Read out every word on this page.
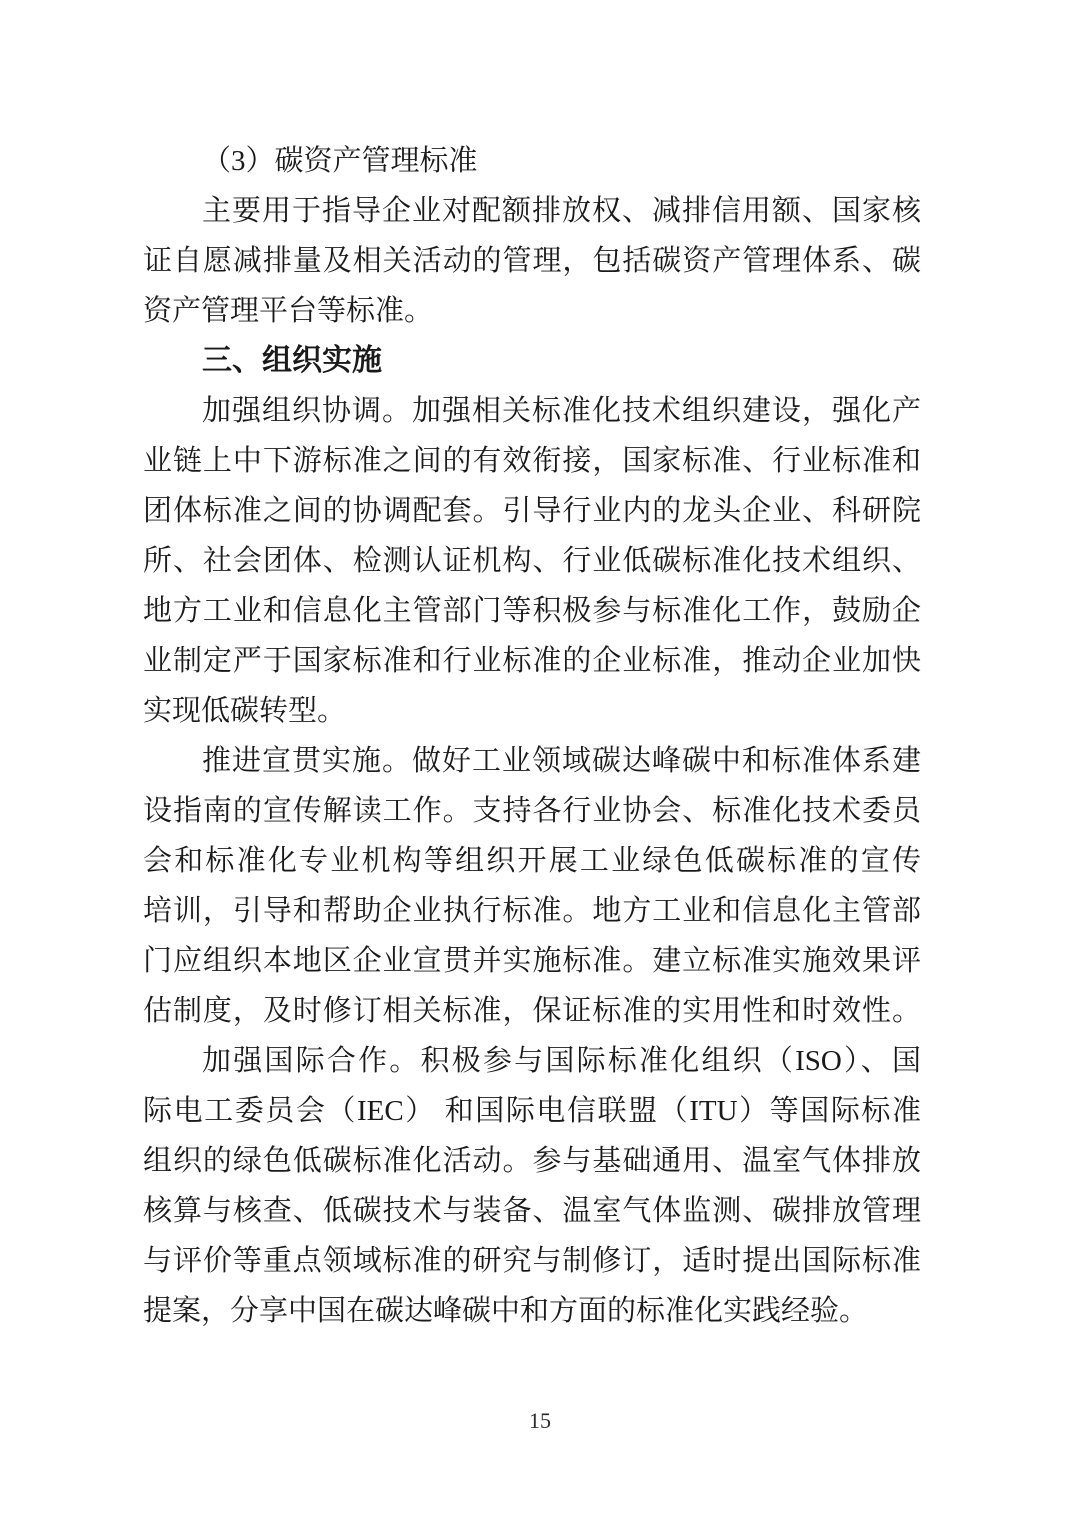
（3）碳资产管理标准
主要用于指导企业对配额排放权、减排信用额、国家核
证自愿减排量及相关活动的管理，包括碳资产管理体系、碳
资产管理平台等标准。
三、组织实施
加强组织协调。加强相关标准化技术组织建设，强化产
业链上中下游标准之间的有效衔接，国家标准、行业标准和
团体标准之间的协调配套。引导行业内的龙头企业、科研院
所、社会团体、检测认证机构、行业低碳标准化技术组织、
地方工业和信息化主管部门等积极参与标准化工作，鼓励企
业制定严于国家标准和行业标准的企业标准，推动企业加快
实现低碳转型。
推进宣贯实施。做好工业领域碳达峰碳中和标准体系建
设指南的宣传解读工作。支持各行业协会、标准化技术委员
会和标准化专业机构等组织开展工业绿色低碳标准的宣传
培训，引导和帮助企业执行标准。地方工业和信息化主管部
门应组织本地区企业宣贯并实施标准。建立标准实施效果评
估制度，及时修订相关标准，保证标准的实用性和时效性。
加强国际合作。积极参与国际标准化组织（ISO）、国
际电工委员会（IEC） 和国际电信联盟（ITU）等国际标准
组织的绿色低碳标准化活动。参与基础通用、温室气体排放
核算与核查、低碳技术与装备、温室气体监测、碳排放管理
与评价等重点领域标准的研究与制修订，适时提出国际标准
提案，分享中国在碳达峰碳中和方面的标准化实践经验。
15
